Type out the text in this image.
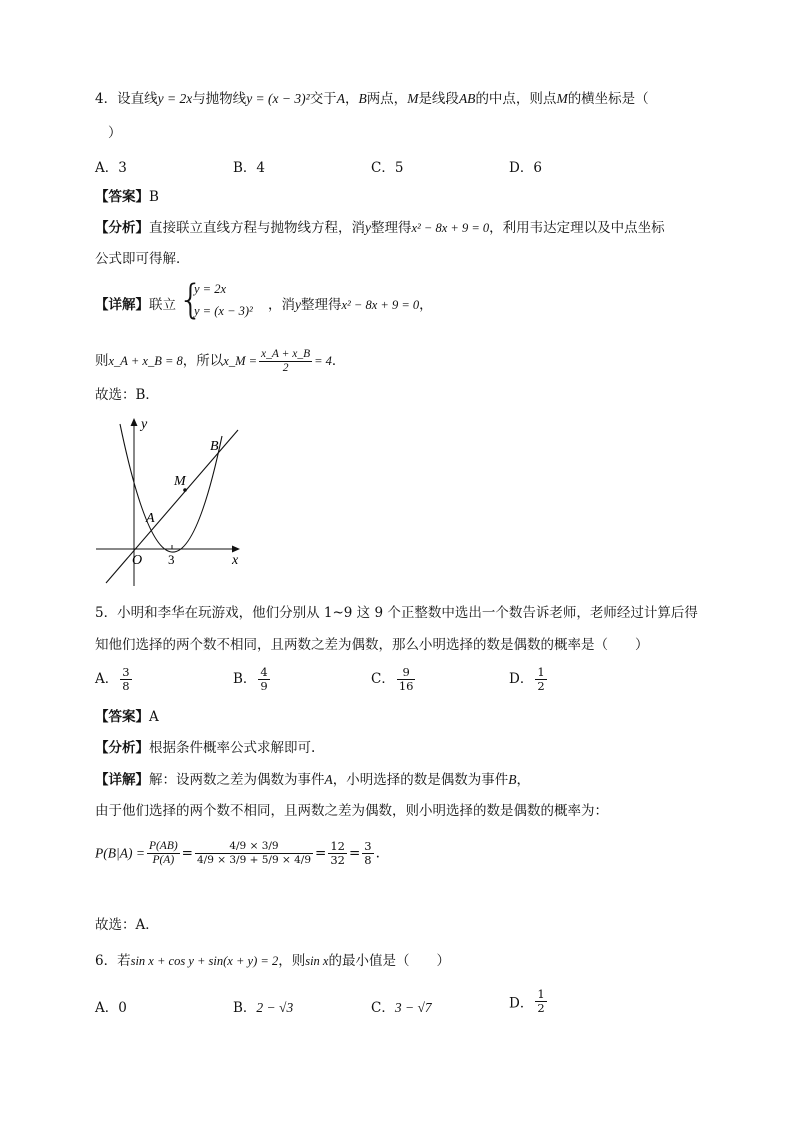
4．设直线y = 2x与抛物线y = (x − 3)²交于A，B两点，M是线段AB的中点，则点M的横坐标是（
）
A．3	B．4	C．5	D．6
【答案】B
【分析】直接联立直线方程与抛物线方程，消y整理得x² − 8x + 9 = 0，利用韦达定理以及中点坐标
公式即可得解．
【详解】联立 {
y = 2x
y = (x − 3)² ，消y整理得x² − 8x + 9 = 0，
则x_A + x_B = 8，所以x_M = $\frac{x\_A + x\_B}{2} = 4$．
故选：B．
y
x
O 3
A
B
M
5．小明和李华在玩游戏，他们分别从 1~9 这 9 个正整数中选出一个数告诉老师，老师经过计算后得
知他们选择的两个数不相同，且两数之差为偶数，那么小明选择的数是偶数的概率是（　　）
A． $\frac{3}{8}$	B． $\frac{4}{9}$	C． $\frac{9}{16}$	D． $\frac{1}{2}$
【答案】A
【分析】根据条件概率公式求解即可.
【详解】解：设两数之差为偶数为事件A，小明选择的数是偶数为事件B，
由于他们选择的两个数不相同，且两数之差为偶数，则小明选择的数是偶数的概率为：
$P(B|A) = \frac{P(AB)}{P(A)} = \frac{4/9 \times 3/9}{4/9 \times 3/9 + 5/9 \times 4/9} = \frac{12}{32} = \frac{3}{8}$ .
故选：A．
6．若sin x + cos y + sin(x + y) = 2，则sin x的最小值是（　　）
A．0	B．2 − √3	C．3 − √7	D． $\frac{1}{2}$
